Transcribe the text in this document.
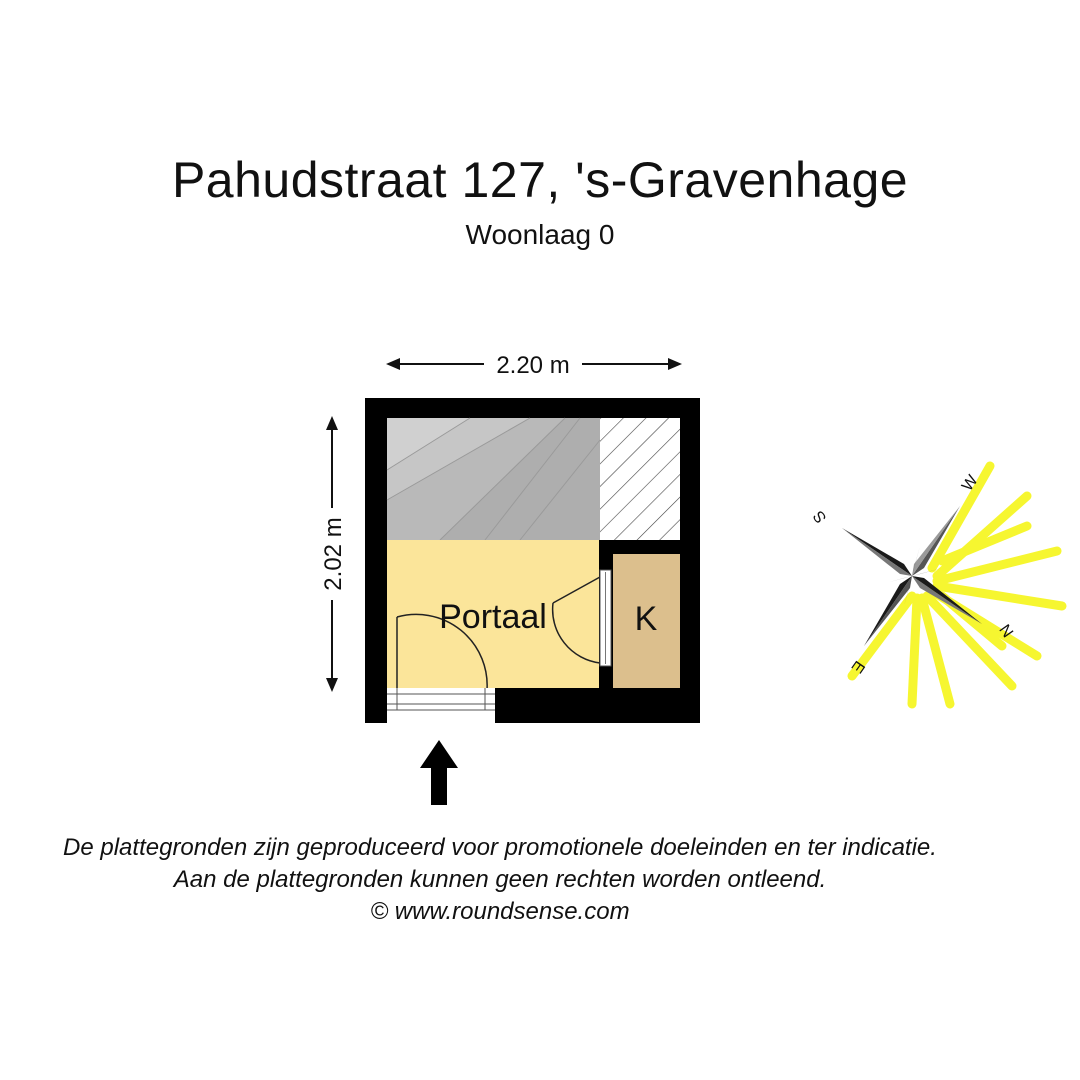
Pahudstraat 127, 's-Gravenhage
Woonlaag 0
2.20 m
2.02 m
Portaal	K
S
W
N
E
De plattegronden zijn geproduceerd voor promotionele doeleinden en ter indicatie.
Aan de plattegronden kunnen geen rechten worden ontleend.
© www.roundsense.com
